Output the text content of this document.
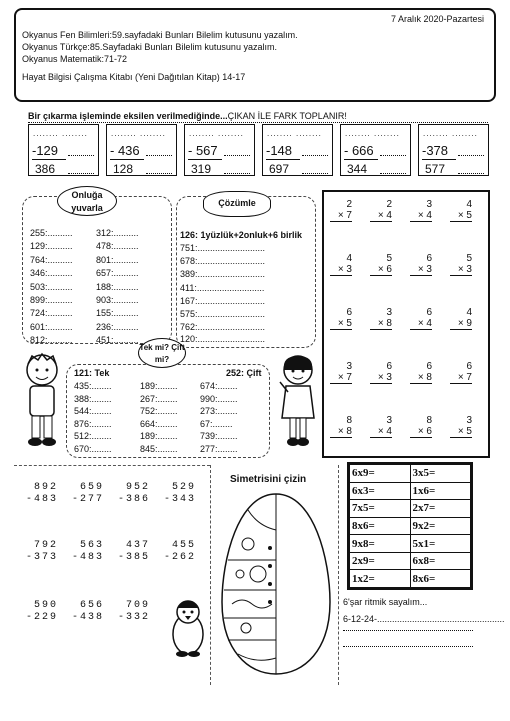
7 Aralık 2020-Pazartesi
Okyanus Fen Bilimleri:59.sayfadaki Bunları Bilelim kutusunu yazalım.
Okyanus Türkçe:85.Sayfadaki Bunları Bilelim kutusunu yazalım.
Okyanus Matematik:71-72
Hayat Bilgisi Çalışma Kitabı (Yeni Dağıtılan Kitap) 14-17
Bir çıkarma işleminde eksilen verilmediğinde...ÇIKAN İLE FARK TOPLANIR!
........ ........
-129
386
........ ........
- 436
128
........ ........
- 567
319
........ ........
-148
697
........ ........
- 666
344
........ ........
-378
577
Onluğa yuvarla
255:..........	312:..........
129:..........	478:..........
764:..........	801:..........
346:..........	657:..........
503:..........	188:..........
899:..........	903:..........
724:..........	155:..........
601:..........	236:..........
812:..........	451:..........
Çözümle
126: 1yüzlük+2onluk+6 birlik
751:...........................
678:...........................
389:...........................
411:...........................
167:...........................
575:...........................
762:...........................
120:...........................
Tek mi? Çift mi?
121: Tek	252: Çift
435:........	189:........ 674:........
388:........	267:........ 990:........
544:........	752:........ 273:........
876:........	664:........ 67:........
512:........	189:........ 739:........
670:........	845:........ 277:........
2

× 7
2

× 4
3

× 4
4

× 5
4

× 3
5

× 6
6

× 3
5

× 3
6

× 5
3

× 8
6

× 4
4

× 9
3

× 7
6

× 3
6

× 8
6

× 7
8

× 8
3

× 4
8

× 6
3

× 5
892
-483
659
-277
952
-386
529
-343
792
-373
563
-483
437
-385
455
-262
590
-229
656
-438
709
-332
Simetrisini çizin
6x9=	3x5=
6x3=	1x6=
7x5=	2x7=
8x6=	9x2=
9x8=	5x1=
2x9=	6x8=
1x2=	8x6=
6'şar ritmik sayalım...
6-12-24-...................................................
